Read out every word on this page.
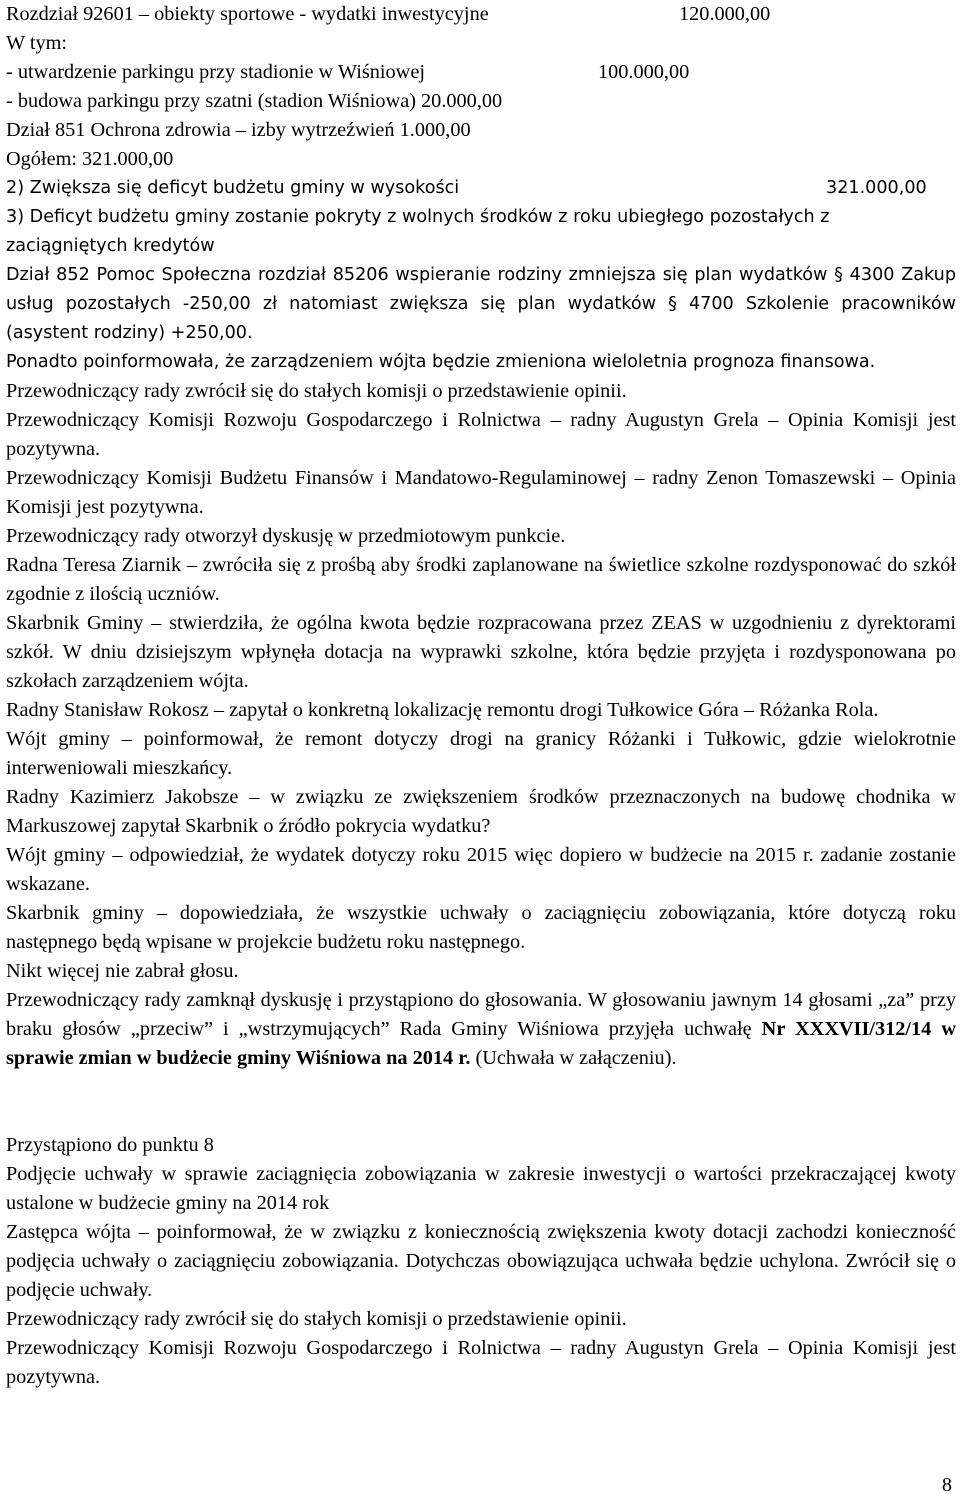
Rozdział 92601 – obiekty sportowe - wydatki inwestycyjne	120.000,00
W tym:
- utwardzenie parkingu przy stadionie w Wiśniowej	100.000,00
- budowa parkingu przy szatni (stadion Wiśniowa) 20.000,00
Dział 851 Ochrona zdrowia – izby wytrzeźwień 1.000,00
Ogółem: 321.000,00
2) Zwiększa się deficyt budżetu gminy w wysokości	321.000,00

3) Deficyt budżetu gminy zostanie pokryty z wolnych środków z roku ubiegłego pozostałych z zaciągniętych kredytów

Dział 852 Pomoc Społeczna rozdział 85206 wspieranie rodziny zmniejsza się plan wydatków § 4300 Zakup usług pozostałych -250,00 zł natomiast zwiększa się plan wydatków § 4700 Szkolenie pracowników (asystent rodziny) +250,00.

Ponadto poinformowała, że zarządzeniem wójta będzie zmieniona wieloletnia prognoza finansowa.

Przewodniczący rady zwrócił się do stałych komisji o przedstawienie opinii.

Przewodniczący Komisji Rozwoju Gospodarczego i Rolnictwa – radny Augustyn Grela – Opinia Komisji jest pozytywna.

Przewodniczący Komisji Budżetu Finansów i Mandatowo-Regulaminowej – radny Zenon Tomaszewski – Opinia Komisji jest pozytywna.

Przewodniczący rady otworzył dyskusję w przedmiotowym punkcie.

Radna Teresa Ziarnik – zwróciła się z prośbą aby środki zaplanowane na świetlice szkolne rozdysponować do szkół zgodnie z ilością uczniów.

Skarbnik Gminy – stwierdziła, że ogólna kwota będzie rozpracowana przez ZEAS w uzgodnieniu z dyrektorami szkół. W dniu dzisiejszym wpłynęła dotacja na wyprawki szkolne, która będzie przyjęta i rozdysponowana po szkołach zarządzeniem wójta.

Radny Stanisław Rokosz – zapytał o konkretną lokalizację remontu drogi Tułkowice Góra – Różanka Rola.

Wójt gminy – poinformował, że remont dotyczy drogi na granicy Różanki i Tułkowic, gdzie wielokrotnie interweniowali mieszkańcy.

Radny Kazimierz Jakobsze – w związku ze zwiększeniem środków przeznaczonych na budowę chodnika w Markuszowej zapytał Skarbnik o źródło pokrycia wydatku?

Wójt gminy – odpowiedział, że wydatek dotyczy roku 2015 więc dopiero w budżecie na 2015 r. zadanie zostanie wskazane.

Skarbnik gminy – dopowiedziała, że wszystkie uchwały o zaciągnięciu zobowiązania, które dotyczą roku następnego będą wpisane w projekcie budżetu roku następnego.

Nikt więcej nie zabrał głosu.

Przewodniczący rady zamknął dyskusję i przystąpiono do głosowania. W głosowaniu jawnym 14 głosami „za” przy braku głosów „przeciw” i „wstrzymujących” Rada Gminy Wiśniowa przyjęła uchwałę Nr XXXVII/312/14 w sprawie zmian w budżecie gminy Wiśniowa na 2014 r. (Uchwała w załączeniu).

Przystąpiono do punktu 8

Podjęcie uchwały w sprawie zaciągnięcia zobowiązania w zakresie inwestycji o wartości przekraczającej kwoty ustalone w budżecie gminy na 2014 rok

Zastępca wójta – poinformował, że w związku z koniecznością zwiększenia kwoty dotacji zachodzi konieczność podjęcia uchwały o zaciągnięciu zobowiązania. Dotychczas obowiązująca uchwała będzie uchylona. Zwrócił się o podjęcie uchwały.

Przewodniczący rady zwrócił się do stałych komisji o przedstawienie opinii.

Przewodniczący Komisji Rozwoju Gospodarczego i Rolnictwa – radny Augustyn Grela – Opinia Komisji jest pozytywna.

8
